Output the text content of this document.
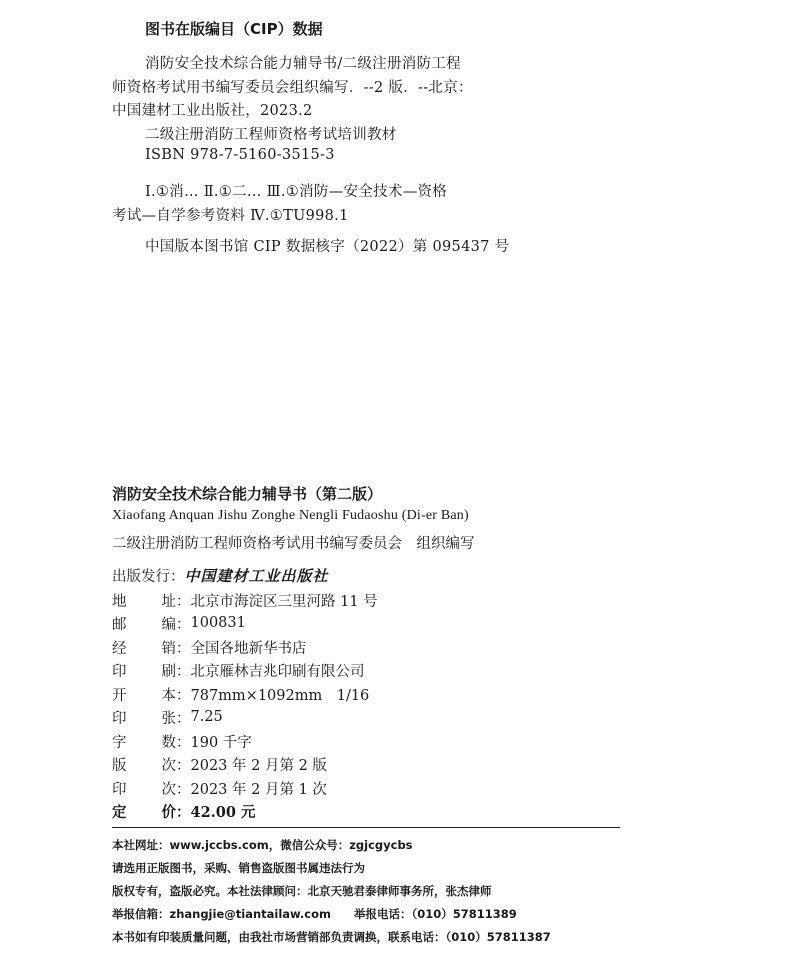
图书在版编目（CIP）数据
消防安全技术综合能力辅导书/二级注册消防工程
师资格考试用书编写委员会组织编写．--2 版．--北京：
中国建材工业出版社，2023.2
二级注册消防工程师资格考试培训教材
ISBN 978-7-5160-3515-3
Ⅰ.①消… Ⅱ.①二… Ⅲ.①消防—安全技术—资格
考试—自学参考资料 Ⅳ.①TU998.1
中国版本图书馆 CIP 数据核字（2022）第 095437 号
消防安全技术综合能力辅导书（第二版）
Xiaofang Anquan Jishu Zonghe Nengli Fudaoshu (Di-er Ban)
二级注册消防工程师资格考试用书编写委员会　组织编写
出版发行： 中国建材工业出版社
地 址 ： 北京市海淀区三里河路 11 号
邮 编 ： 100831
经 销 ： 全国各地新华书店
印 刷 ： 北京雁林吉兆印刷有限公司
开 本 ： 787mm×1092mm　1/16
印 张 ： 7.25
字 数 ： 190 千字
版 次 ： 2023 年 2 月第 2 版
印 次 ： 2023 年 2 月第 1 次
定 价 ： 42.00 元
本社网址：www.jccbs.com，微信公众号：zgjcgycbs
请选用正版图书，采购、销售盗版图书属违法行为
版权专有，盗版必究。本社法律顾问：北京天驰君泰律师事务所，张杰律师
举报信箱：zhangjie@tiantailaw.com　　举报电话：（010）57811389
本书如有印装质量问题，由我社市场营销部负责调换，联系电话：（010）57811387
